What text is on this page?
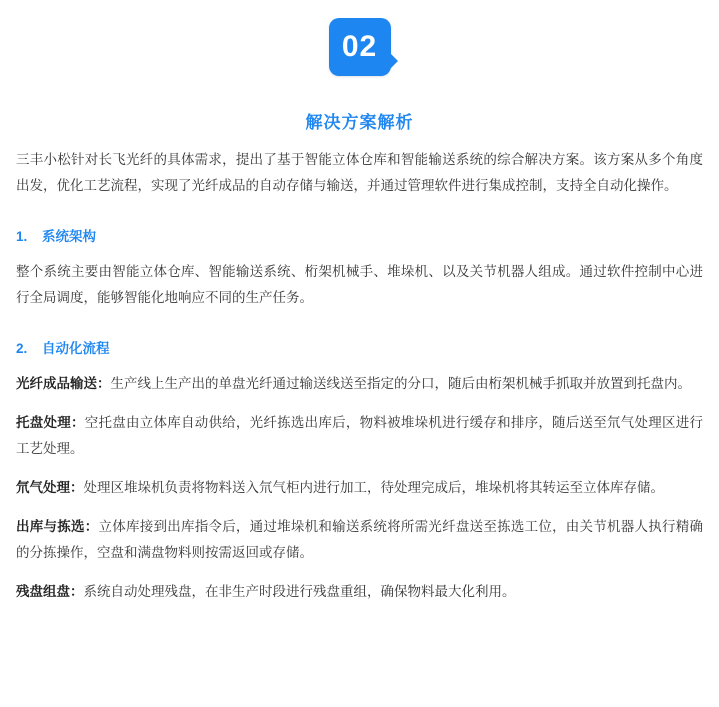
02
解决方案解析

三丰小松针对长飞光纤的具体需求，提出了基于智能立体仓库和智能输送系统的综合解决方案。该方案从多个角度出发，优化工艺流程，实现了光纤成品的自动存储与输送，并通过管理软件进行集成控制，支持全自动化操作。

1.	系统架构

整个系统主要由智能立体仓库、智能输送系统、桁架机械手、堆垛机、以及关节机器人组成。通过软件控制中心进行全局调度，能够智能化地响应不同的生产任务。

2.	自动化流程

光纤成品输送：生产线上生产出的单盘光纤通过输送线送至指定的分口，随后由桁架机械手抓取并放置到托盘内。

托盘处理：空托盘由立体库自动供给，光纤拣选出库后，物料被堆垛机进行缓存和排序，随后送至氘气处理区进行工艺处理。

氘气处理：处理区堆垛机负责将物料送入氘气柜内进行加工，待处理完成后，堆垛机将其转运至立体库存储。

出库与拣选：立体库接到出库指令后，通过堆垛机和输送系统将所需光纤盘送至拣选工位，由关节机器人执行精确的分拣操作，空盘和满盘物料则按需返回或存储。

残盘组盘：系统自动处理残盘，在非生产时段进行残盘重组，确保物料最大化利用。
